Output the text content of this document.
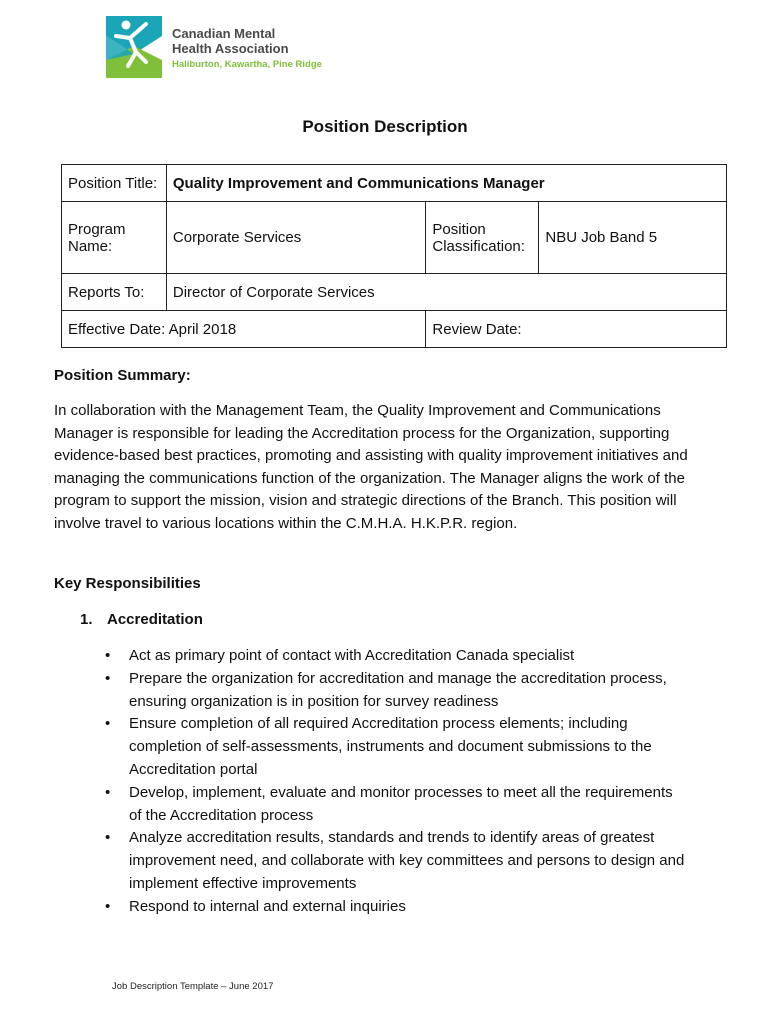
Canadian Mental
Health Association
Haliburton, Kawartha, Pine Ridge
Position Description
Position Title:	Quality Improvement and Communications Manager		
Program Name:	Corporate Services	Position Classification:	NBU Job Band 5
Reports To:	Director of Corporate Services		
Effective Date: April 2018		Review Date:	
Position Summary:

In collaboration with the Management Team, the Quality Improvement and Communications Manager is responsible for leading the Accreditation process for the Organization, supporting evidence-based best practices, promoting and assisting with quality improvement initiatives and managing the communications function of the organization. The Manager aligns the work of the program to support the mission, vision and strategic directions of the Branch. This position will involve travel to various locations within the C.M.H.A. H.K.P.R. region.

Key Responsibilities
1. Accreditation
• Act as primary point of contact with Accreditation Canada specialist
• Prepare the organization for accreditation and manage the accreditation process, ensuring organization is in position for survey readiness
• Ensure completion of all required Accreditation process elements; including completion of self-assessments, instruments and document submissions to the Accreditation portal
• Develop, implement, evaluate and monitor processes to meet all the requirements of the Accreditation process
• Analyze accreditation results, standards and trends to identify areas of greatest improvement need, and collaborate with key committees and persons to design and implement effective improvements
• Respond to internal and external inquiries
Job Description Template – June 2017
